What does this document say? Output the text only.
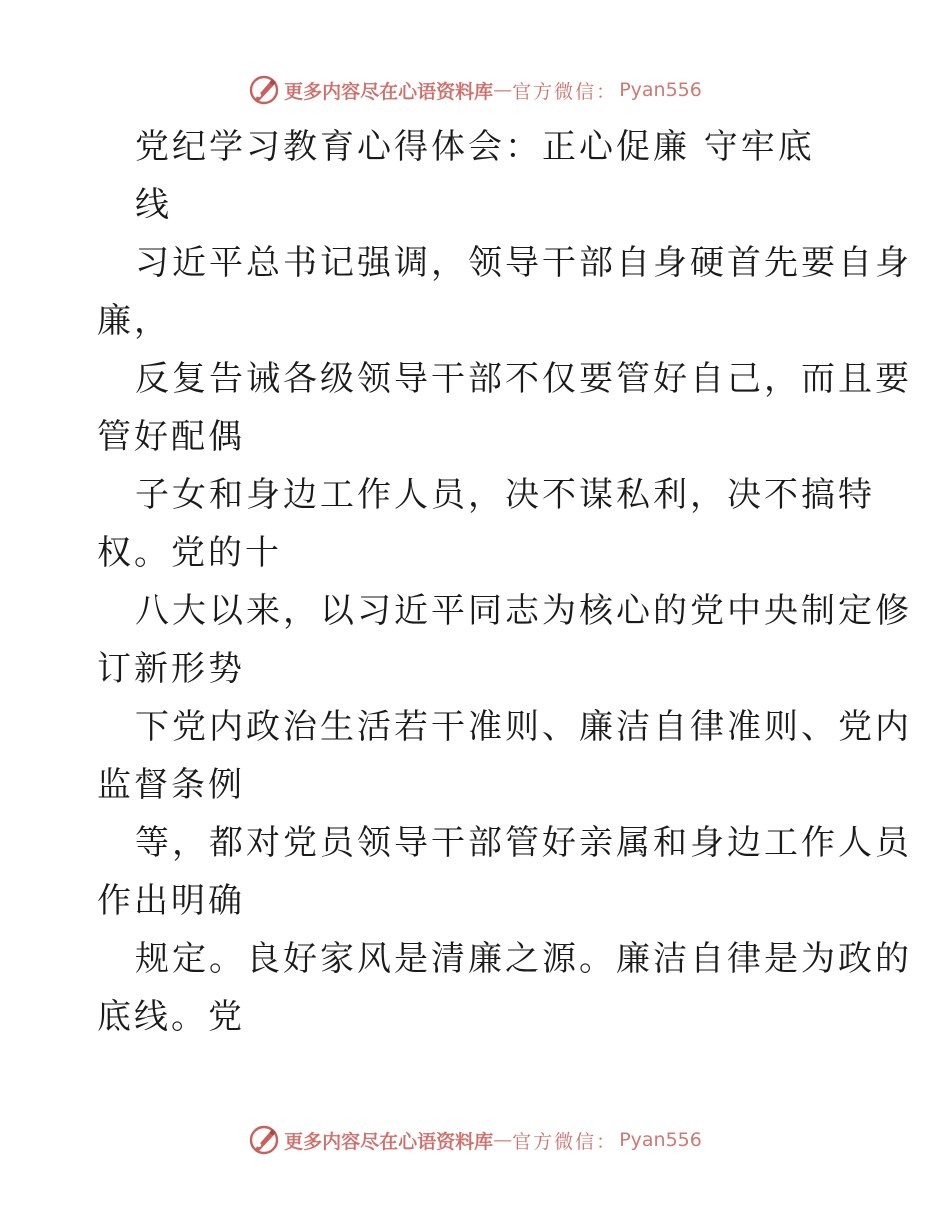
更多内容尽在心语资料库 — 官方微信： Pyan556
党纪学习教育心得体会：正心促廉 守牢底
线
习近平总书记强调，领导干部自身硬首先要自身
廉，
反复告诫各级领导干部不仅要管好自己，而且要
管好配偶
子女和身边工作人员，决不谋私利，决不搞特
权。党的十
八大以来，以习近平同志为核心的党中央制定修
订新形势
下党内政治生活若干准则、廉洁自律准则、党内
监督条例
等，都对党员领导干部管好亲属和身边工作人员
作出明确
规定。良好家风是清廉之源。廉洁自律是为政的
底线。党
更多内容尽在心语资料库 — 官方微信： Pyan556
